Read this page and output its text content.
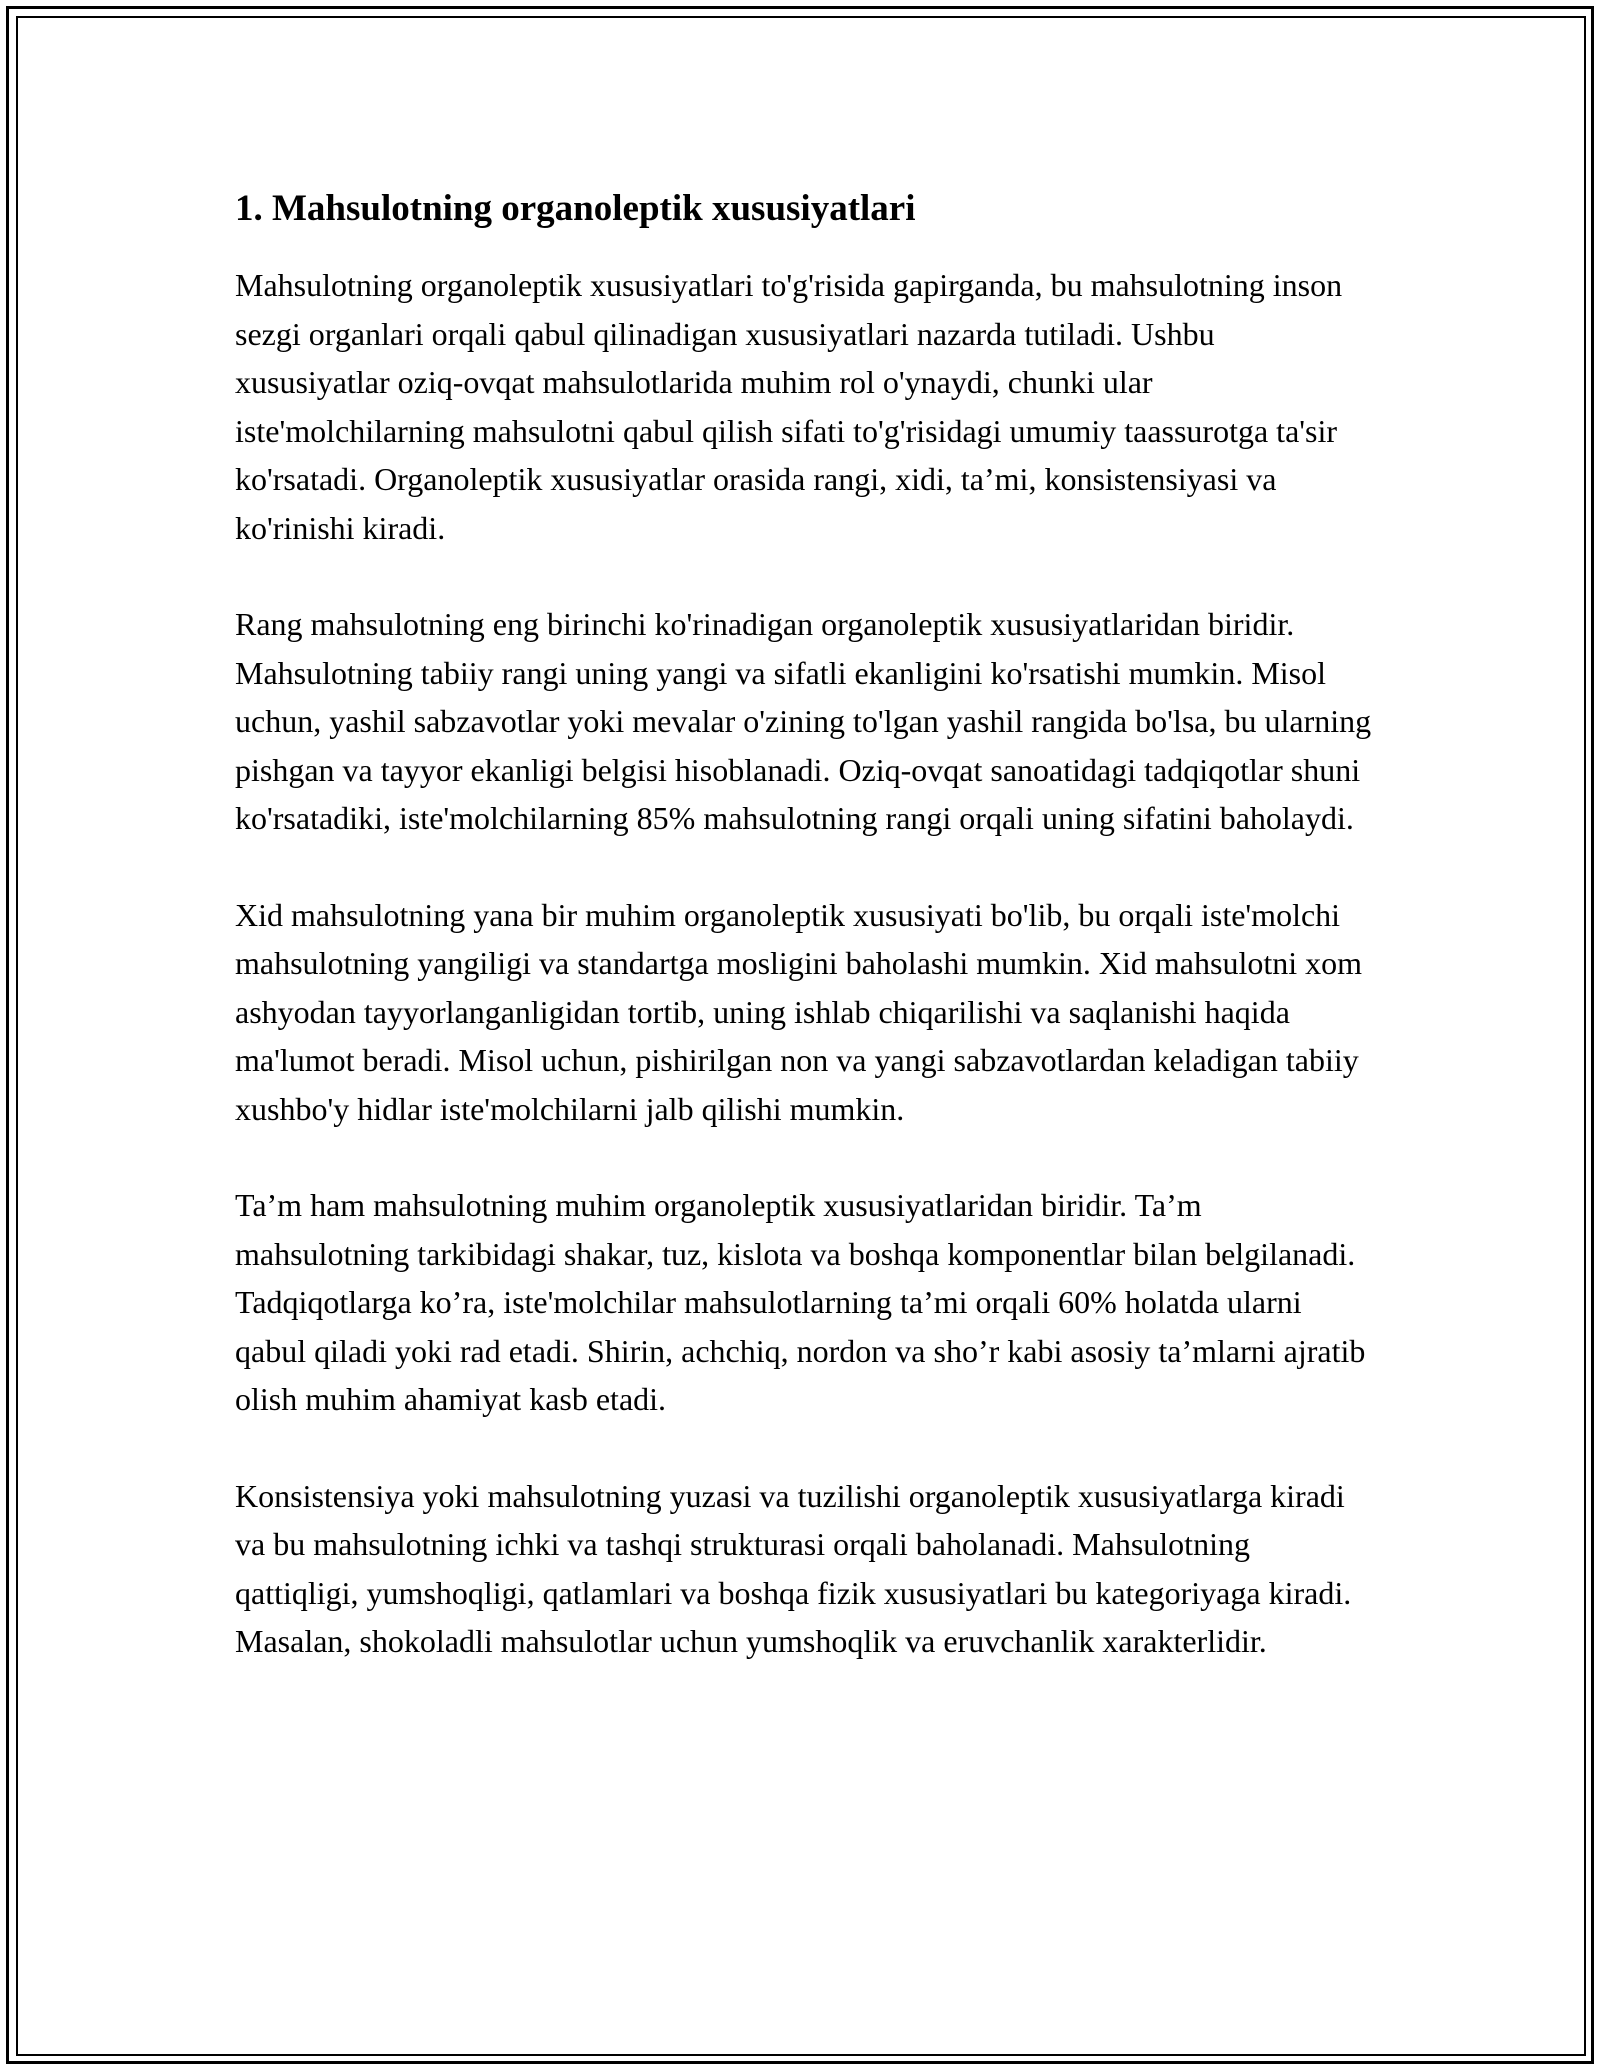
1. Mahsulotning organoleptik xususiyatlari

Mahsulotning organoleptik xususiyatlari to'g'risida gapirganda, bu mahsulotning inson sezgi organlari orqali qabul qilinadigan xususiyatlari nazarda tutiladi. Ushbu xususiyatlar oziq-ovqat mahsulotlarida muhim rol o'ynaydi, chunki ular iste'molchilarning mahsulotni qabul qilish sifati to'g'risidagi umumiy taassurotga ta'sir ko'rsatadi. Organoleptik xususiyatlar orasida rangi, xidi, ta’mi, konsistensiyasi va ko'rinishi kiradi.

Rang mahsulotning eng birinchi ko'rinadigan organoleptik xususiyatlaridan biridir. Mahsulotning tabiiy rangi uning yangi va sifatli ekanligini ko'rsatishi mumkin. Misol uchun, yashil sabzavotlar yoki mevalar o'zining to'lgan yashil rangida bo'lsa, bu ularning pishgan va tayyor ekanligi belgisi hisoblanadi. Oziq-ovqat sanoatidagi tadqiqotlar shuni ko'rsatadiki, iste'molchilarning 85% mahsulotning rangi orqali uning sifatini baholaydi.

Xid mahsulotning yana bir muhim organoleptik xususiyati bo'lib, bu orqali iste'molchi mahsulotning yangiligi va standartga mosligini baholashi mumkin. Xid mahsulotni xom ashyodan tayyorlanganligidan tortib, uning ishlab chiqarilishi va saqlanishi haqida ma'lumot beradi. Misol uchun, pishirilgan non va yangi sabzavotlardan keladigan tabiiy xushbo'y hidlar iste'molchilarni jalb qilishi mumkin.

Ta’m ham mahsulotning muhim organoleptik xususiyatlaridan biridir. Ta’m mahsulotning tarkibidagi shakar, tuz, kislota va boshqa komponentlar bilan belgilanadi. Tadqiqotlarga ko’ra, iste'molchilar mahsulotlarning ta’mi orqali 60% holatda ularni qabul qiladi yoki rad etadi. Shirin, achchiq, nordon va sho’r kabi asosiy ta’mlarni ajratib olish muhim ahamiyat kasb etadi.

Konsistensiya yoki mahsulotning yuzasi va tuzilishi organoleptik xususiyatlarga kiradi va bu mahsulotning ichki va tashqi strukturasi orqali baholanadi. Mahsulotning qattiqligi, yumshoqligi, qatlamlari va boshqa fizik xususiyatlari bu kategoriyaga kiradi. Masalan, shokoladli mahsulotlar uchun yumshoqlik va eruvchanlik xarakterlidir.
